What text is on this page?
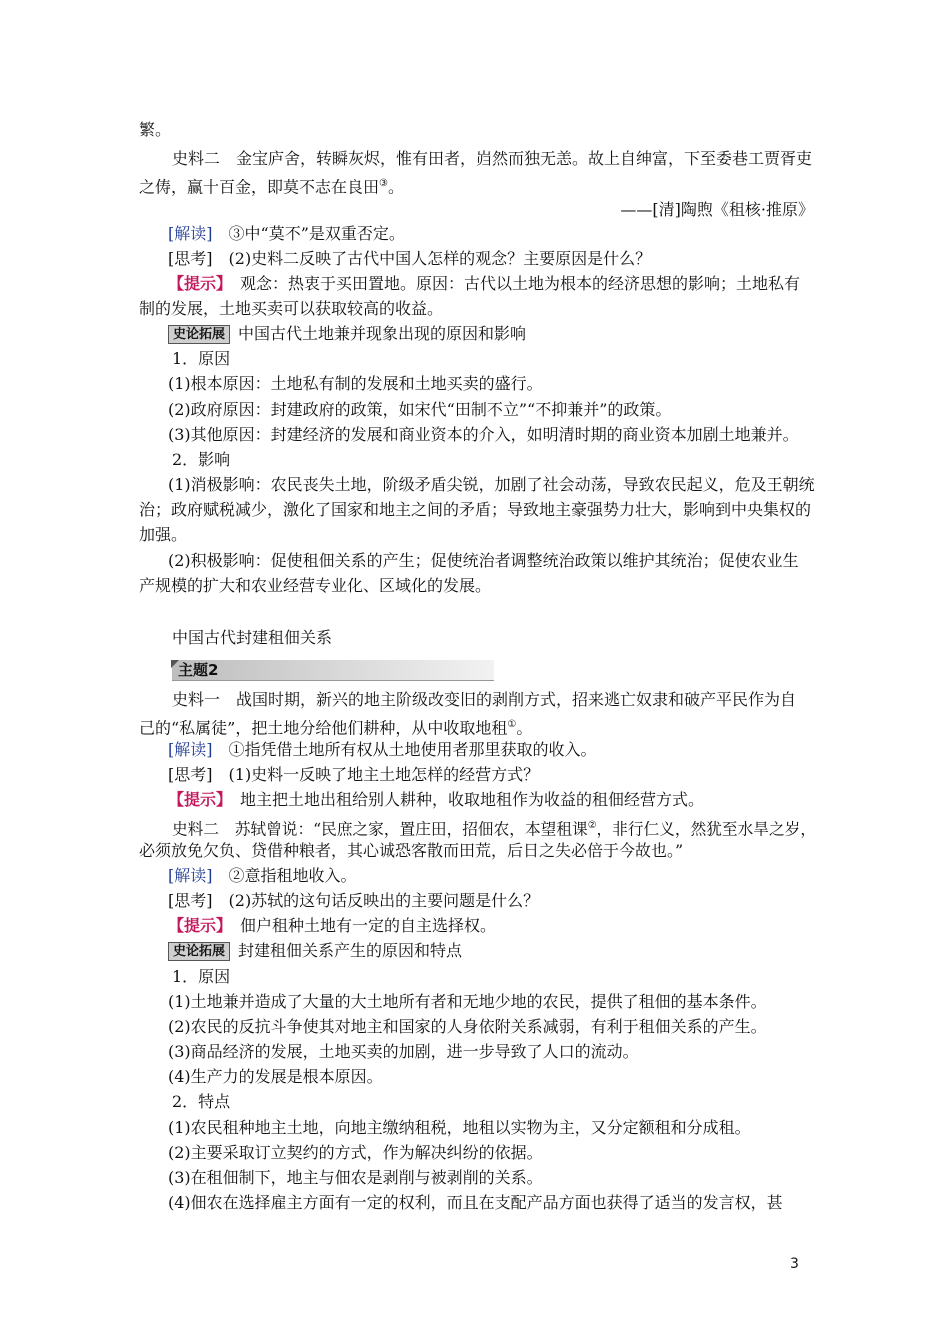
繁。
史料二　金宝庐舍，转瞬灰烬，惟有田者，岿然而独无恙。故上自绅富，下至委巷工贾胥吏
之俦，赢十百金，即莫不志在良田③。
——[清]陶煦《租核·推原》
[解读]　 ③中“莫不”是双重否定。
[思考]　 (2)史料二反映了古代中国人怎样的观念？主要原因是什么？
【提示】　 观念：热衷于买田置地。原因：古代以土地为根本的经济思想的影响；土地私有
制的发展，土地买卖可以获取较高的收益。
史论拓展 中国古代土地兼并现象出现的原因和影响
1．原因
(1)根本原因：土地私有制的发展和土地买卖的盛行。
(2)政府原因：封建政府的政策，如宋代“田制不立”“不抑兼并”的政策。
(3)其他原因：封建经济的发展和商业资本的介入，如明清时期的商业资本加剧土地兼并。
2．影响
(1)消极影响：农民丧失土地，阶级矛盾尖锐，加剧了社会动荡，导致农民起义，危及王朝统
治；政府赋税减少，激化了国家和地主之间的矛盾；导致地主豪强势力壮大，影响到中央集权的
加强。
(2)积极影响：促使租佃关系的产生；促使统治者调整统治政策以维护其统治；促使农业生
产规模的扩大和农业经营专业化、区域化的发展。
中国古代封建租佃关系
主题2
史料一　战国时期，新兴的地主阶级改变旧的剥削方式，招来逃亡奴隶和破产平民作为自
己的“私属徒”，把土地分给他们耕种，从中收取地租①。
[解读]　 ①指凭借土地所有权从土地使用者那里获取的收入。
[思考]　 (1)史料一反映了地主土地怎样的经营方式？
【提示】　 地主把土地出租给别人耕种，收取地租作为收益的租佃经营方式。
史料二　苏轼曾说：“民庶之家，置庄田，招佃农，本望租课②，非行仁义，然犹至水旱之岁，
必须放免欠负、贷借种粮者，其心诚恐客散而田荒，后日之失必倍于今故也。”
[解读]　 ②意指租地收入。
[思考]　 (2)苏轼的这句话反映出的主要问题是什么？
【提示】　 佃户租种土地有一定的自主选择权。
史论拓展 封建租佃关系产生的原因和特点
1．原因
(1)土地兼并造成了大量的大土地所有者和无地少地的农民，提供了租佃的基本条件。
(2)农民的反抗斗争使其对地主和国家的人身依附关系减弱，有利于租佃关系的产生。
(3)商品经济的发展，土地买卖的加剧，进一步导致了人口的流动。
(4)生产力的发展是根本原因。
2．特点
(1)农民租种地主土地，向地主缴纳租税，地租以实物为主，又分定额租和分成租。
(2)主要采取订立契约的方式，作为解决纠纷的依据。
(3)在租佃制下，地主与佃农是剥削与被剥削的关系。
(4)佃农在选择雇主方面有一定的权利，而且在支配产品方面也获得了适当的发言权，甚
3
